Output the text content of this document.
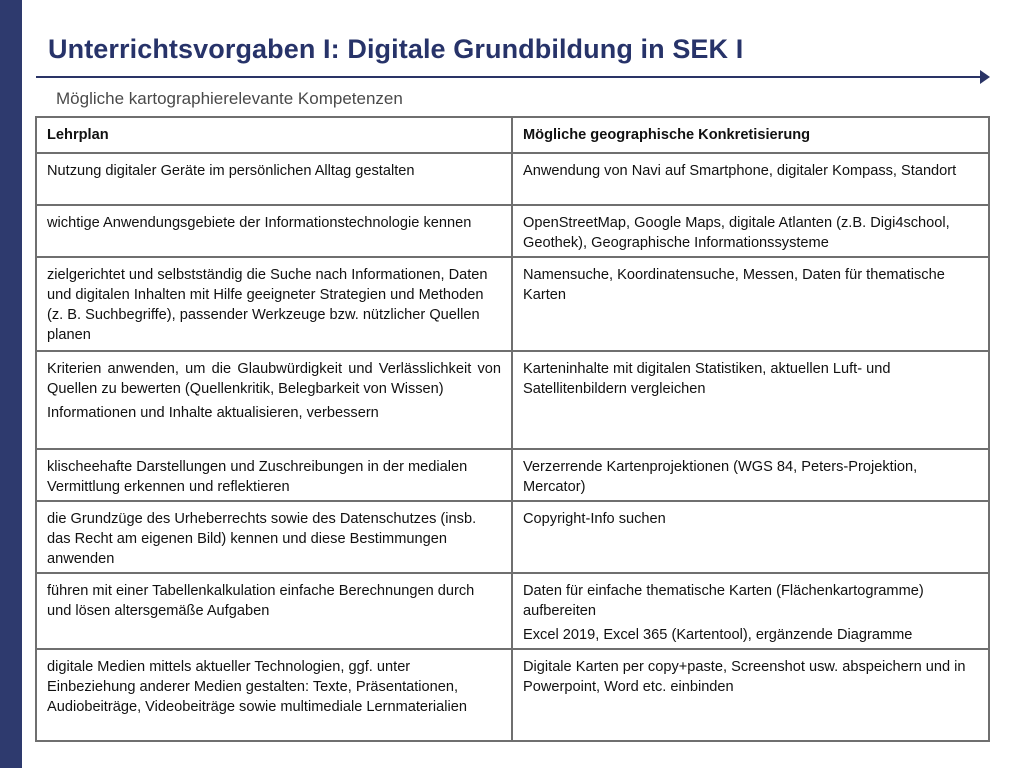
Unterrichtsvorgaben I: Digitale Grundbildung in SEK I
Mögliche kartographierelevante Kompetenzen
Lehrplan	Mögliche geographische Konkretisierung

Nutzung digitaler Geräte im persönlichen Alltag gestalten	Anwendung von Navi auf Smartphone, digitaler Kompass, Standort

wichtige Anwendungsgebiete der Informationstechnologie kennen	OpenStreetMap, Google Maps, digitale Atlanten (z.B. Digi4school, Geothek), Geographische Informationssysteme

zielgerichtet und selbstständig die Suche nach Informationen, Daten und digitalen Inhalten mit Hilfe geeigneter Strategien und Methoden (z. B. Suchbegriffe), passender Werkzeuge bzw. nützlicher Quellen planen	Namensuche, Koordinatensuche, Messen, Daten für thematische Karten

Kriterien anwenden, um die Glaubwürdigkeit und Verlässlichkeit von Quellen zu bewerten (Quellenkritik, Belegbarkeit von Wissen)
Informationen und Inhalte aktualisieren, verbessern	Karteninhalte mit digitalen Statistiken, aktuellen Luft- und Satellitenbildern vergleichen

klischeehafte Darstellungen und Zuschreibungen in der medialen Vermittlung erkennen und reflektieren	Verzerrende Kartenprojektionen (WGS 84, Peters-Projektion, Mercator)

die Grundzüge des Urheberrechts sowie des Datenschutzes (insb. das Recht am eigenen Bild) kennen und diese Bestimmungen anwenden	Copyright-Info suchen

führen mit einer Tabellenkalkulation einfache Berechnungen durch und lösen altersgemäße Aufgaben	Daten für einfache thematische Karten (Flächenkartogramme) aufbereiten
Excel 2019, Excel 365 (Kartentool), ergänzende Diagramme

digitale Medien mittels aktueller Technologien, ggf. unter Einbeziehung anderer Medien gestalten: Texte, Präsentationen, Audiobeiträge, Videobeiträge sowie multimediale Lernmaterialien	Digitale Karten per copy+paste, Screenshot usw. abspeichern und in Powerpoint, Word etc. einbinden
